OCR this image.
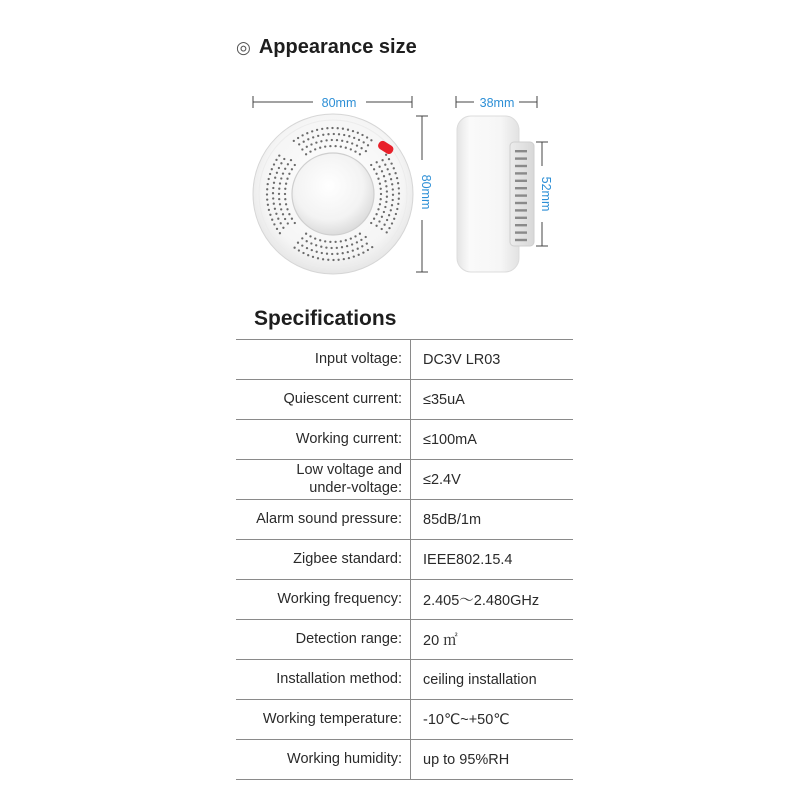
◎ Appearance size
80mm
80mm
38mm
52mm
Specifications
Input voltage:	DC3V LR03
Quiescent current:	≤35uA
Working current:	≤100mA
Low voltage and
under-voltage:	≤2.4V
Alarm sound pressure:	85dB/1m
Zigbee standard:	IEEE802.15.4
Working frequency:	2.405〜2.480GHz
Detection range:	20 ㎡
Installation method:	ceiling installation
Working temperature:	-10℃~+50℃
Working humidity:	up to 95%RH
